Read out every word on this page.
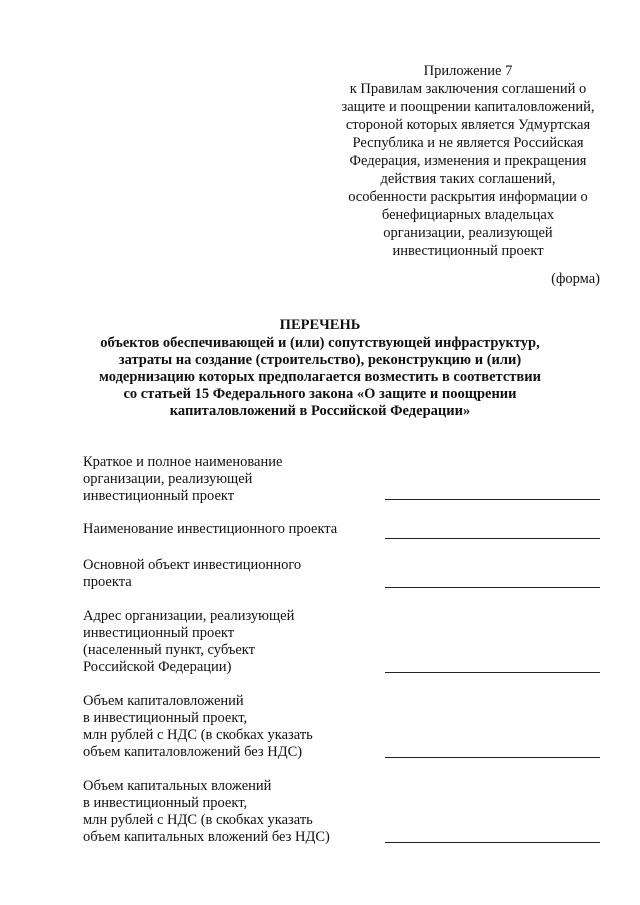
Приложение 7
к Правилам заключения соглашений о
защите и поощрении капиталовложений,
стороной которых является Удмуртская
Республика и не является Российская
Федерация, изменения и прекращения
действия таких соглашений,
особенности раскрытия информации о
бенефициарных владельцах
организации, реализующей
инвестиционный проект
(форма)
ПЕРЕЧЕНЬ
объектов обеспечивающей и (или) сопутствующей инфраструктур,
затраты на создание (строительство), реконструкцию и (или)
модернизацию которых предполагается возместить в соответствии
со статьей 15 Федерального закона «О защите и поощрении
капиталовложений в Российской Федерации»
Краткое и полное наименование
организации, реализующей
инвестиционный проект
Наименование инвестиционного проекта
Основной объект инвестиционного
проекта
Адрес организации, реализующей
инвестиционный проект
(населенный пункт, субъект
Российской Федерации)
Объем капиталовложений
в инвестиционный проект,
млн рублей с НДС (в скобках указать
объем капиталовложений без НДС)
Объем капитальных вложений
в инвестиционный проект,
млн рублей с НДС (в скобках указать
объем капитальных вложений без НДС)
